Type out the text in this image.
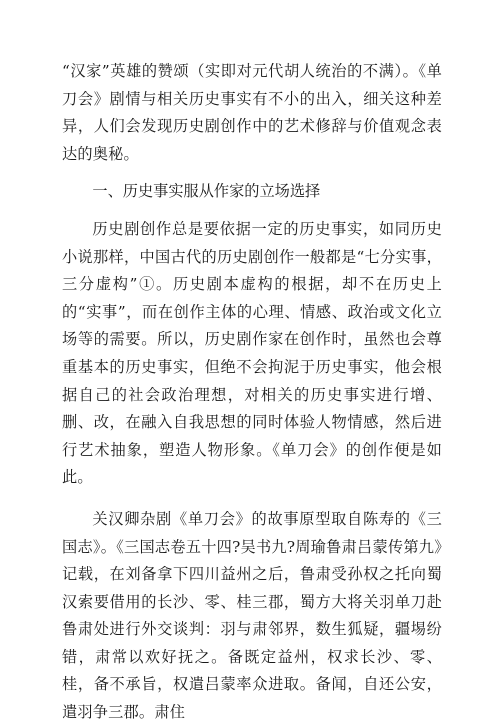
“汉家”英雄的赞颂（实即对元代胡人统治的不满）。《单刀会》剧情与相关历史事实有不小的出入，细关这种差异，人们会发现历史剧创作中的艺术修辞与价值观念表达的奥秘。

一、历史事实服从作家的立场选择

历史剧创作总是要依据一定的历史事实，如同历史小说那样，中国古代的历史剧创作一般都是“七分实事，三分虚构”①。历史剧本虚构的根据，却不在历史上的“实事”，而在创作主体的心理、情感、政治或文化立场等的需要。所以，历史剧作家在创作时，虽然也会尊重基本的历史事实，但绝不会拘泥于历史事实，他会根据自己的社会政治理想，对相关的历史事实进行增、删、改，在融入自我思想的同时体验人物情感，然后进行艺术抽象，塑造人物形象。《单刀会》的创作便是如此。

关汉卿杂剧《单刀会》的故事原型取自陈寿的《三国志》。《三国志卷五十四?吴书九?周瑜鲁肃吕蒙传第九》记载，在刘备拿下四川益州之后，鲁肃受孙权之托向蜀汉索要借用的长沙、零、桂三郡，蜀方大将关羽单刀赴鲁肃处进行外交谈判：羽与肃邻界，数生狐疑，疆埸纷错，肃常以欢好抚之。备既定益州，权求长沙、零、桂，备不承旨，权遣吕蒙率众进取。备闻，自还公安，遣羽争三郡。肃住
